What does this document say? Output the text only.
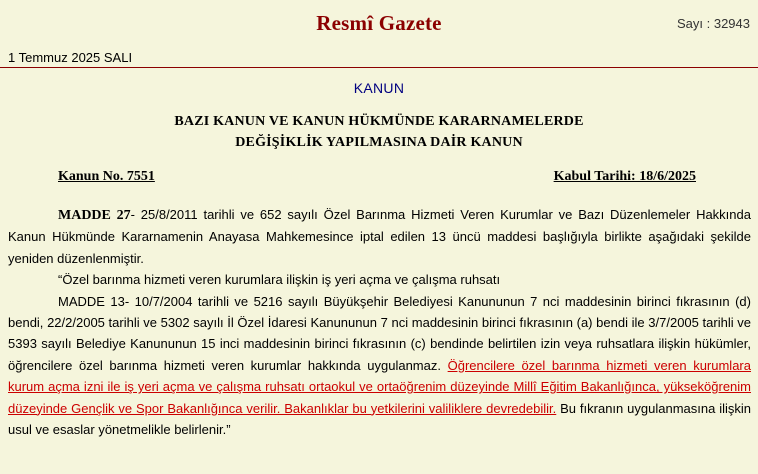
Resmî Gazete	Sayı : 32943
1 Temmuz 2025 SALI
KANUN
BAZI KANUN VE KANUN HÜKMÜNDE KARARNAMELERDE
DEĞİŞİKLİK YAPILMASINA DAİR KANUN
Kanun No. 7551	Kabul Tarihi: 18/6/2025

MADDE 27- 25/8/2011 tarihli ve 652 sayılı Özel Barınma Hizmeti Veren Kurumlar ve Bazı Düzenlemeler Hakkında Kanun Hükmünde Kararnamenin Anayasa Mahkemesince iptal edilen 13 üncü maddesi başlığıyla birlikte aşağıdaki şekilde yeniden düzenlenmiştir.

“Özel barınma hizmeti veren kurumlara ilişkin iş yeri açma ve çalışma ruhsatı

MADDE 13- 10/7/2004 tarihli ve 5216 sayılı Büyükşehir Belediyesi Kanununun 7 nci maddesinin birinci fıkrasının (d) bendi, 22/2/2005 tarihli ve 5302 sayılı İl Özel İdaresi Kanununun 7 nci maddesinin birinci fıkrasının (a) bendi ile 3/7/2005 tarihli ve 5393 sayılı Belediye Kanununun 15 inci maddesinin birinci fıkrasının (c) bendinde belirtilen izin veya ruhsatlara ilişkin hükümler, öğrencilere özel barınma hizmeti veren kurumlar hakkında uygulanmaz. Öğrencilere özel barınma hizmeti veren kurumlara kurum açma izni ile iş yeri açma ve çalışma ruhsatı ortaokul ve ortaöğrenim düzeyinde Millî Eğitim Bakanlığınca, yükseköğrenim düzeyinde Gençlik ve Spor Bakanlığınca verilir. Bakanlıklar bu yetkilerini valiliklere devredebilir. Bu fıkranın uygulanmasına ilişkin usul ve esaslar yönetmelikle belirlenir.”
